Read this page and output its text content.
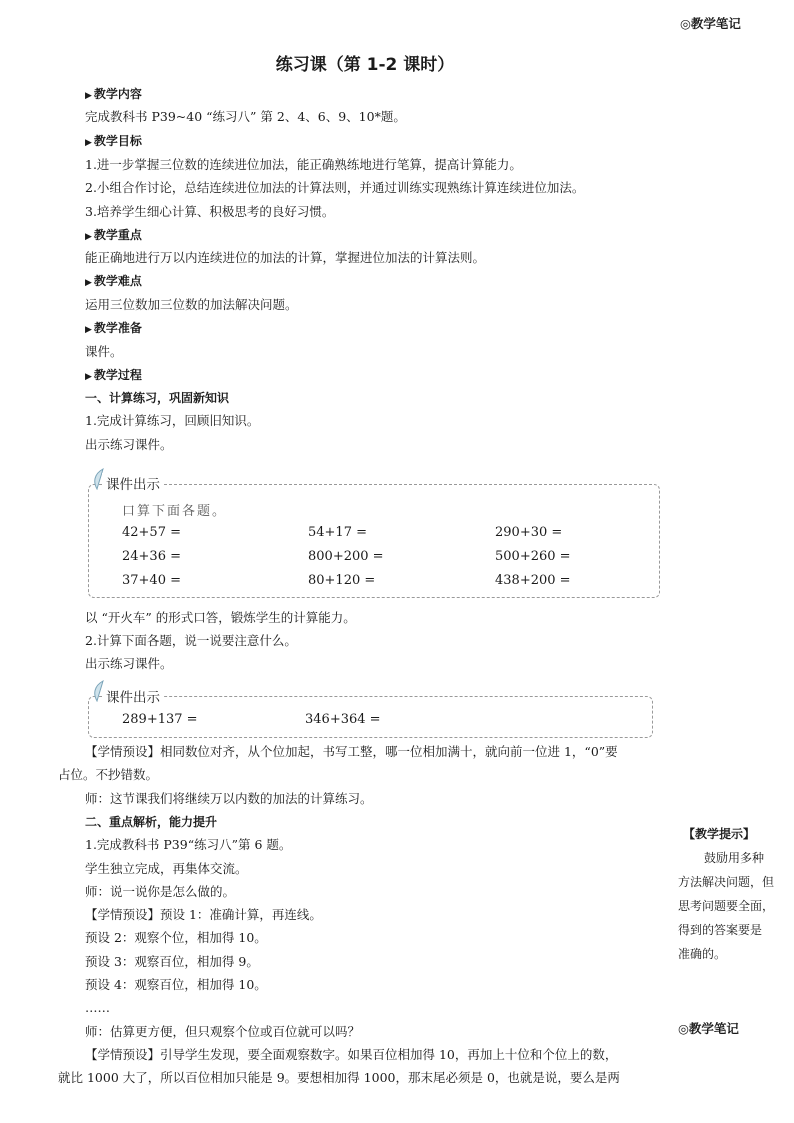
◎教学笔记
练习课（第 1-2 课时）
▶ 教学内容
完成教科书 P39~40 “练习八” 第 2、4、6、9、10*题。
▶ 教学目标
1.进一步掌握三位数的连续进位加法，能正确熟练地进行笔算，提高计算能力。
2.小组合作讨论，总结连续进位加法的计算法则，并通过训练实现熟练计算连续进位加法。
3.培养学生细心计算、积极思考的良好习惯。
▶ 教学重点
能正确地进行万以内连续进位的加法的计算，掌握进位加法的计算法则。
▶ 教学难点
运用三位数加三位数的加法解决问题。
▶ 教学准备
课件。
▶ 教学过程
一、计算练习，巩固新知识
1.完成计算练习，回顾旧知识。
出示练习课件。
课件出示
口算下面各题。
42+57 =	54+17 =	290+30 =
24+36 =	800+200 =	500+260 =
37+40 =	80+120 =	438+200 =
以 “开火车” 的形式口答，锻炼学生的计算能力。
2.计算下面各题，说一说要注意什么。
出示练习课件。
课件出示
289+137 =	346+364 =
【学情预设】相同数位对齐，从个位加起，书写工整，哪一位相加满十，就向前一位进 1，“0”要
占位。不抄错数。
师：这节课我们将继续万以内数的加法的计算练习。
二、重点解析，能力提升
1.完成教科书 P39“练习八”第 6 题。
学生独立完成，再集体交流。
师：说一说你是怎么做的。
【学情预设】预设 1：准确计算，再连线。
预设 2：观察个位，相加得 10。
预设 3：观察百位，相加得 9。
预设 4：观察百位，相加得 10。
……
师：估算更方便，但只观察个位或百位就可以吗？
【学情预设】引导学生发现，要全面观察数字。如果百位相加得 10，再加上十位和个位上的数，
就比 1000 大了，所以百位相加只能是 9。要想相加得 1000，那末尾必须是 0，也就是说，要么是两
【教学提示】
鼓励用多种
方法解决问题，但
思考问题要全面，
得到的答案要是
准确的。
◎教学笔记
